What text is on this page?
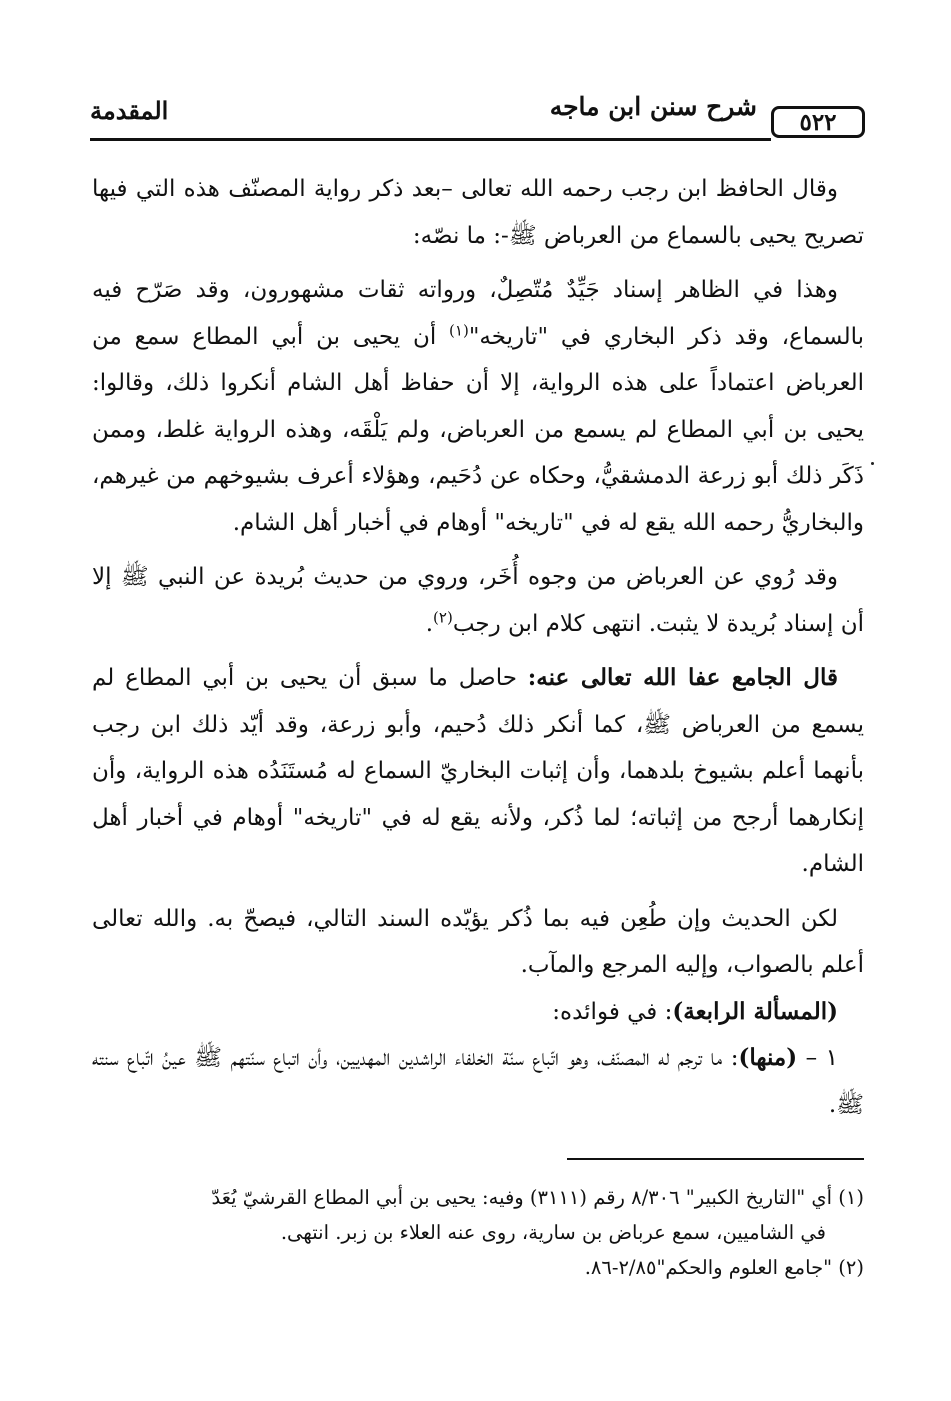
٥٢٢
شرح سنن ابن ماجه
المقدمة

وقال الحافظ ابن رجب رحمه الله تعالى –بعد ذكر رواية المصنّف هذه التي فيها تصريح يحيى بالسماع من العرباض ﷺ-: ما نصّه:

وهذا في الظاهر إسناد جَيِّدٌ مُتّصِلٌ، ورواته ثقات مشهورون، وقد صَرّح فيه بالسماع، وقد ذكر البخاري في "تاريخه"$^{(١)}$ أن يحيى بن أبي المطاع سمع من العرباض اعتماداً على هذه الرواية، إلا أن حفاظ أهل الشام أنكروا ذلك، وقالوا: يحيى بن أبي المطاع لم يسمع من العرباض، ولم يَلْقَه، وهذه الرواية غلط، وممن ذَكَر ذلك أبو زرعة الدمشقيُّ، وحكاه عن دُحَيم، وهؤلاء أعرف بشيوخهم من غيرهم، والبخاريُّ رحمه الله يقع له في "تاريخه" أوهام في أخبار أهل الشام.

وقد رُوي عن العرباض من وجوه أُخَر، وروي من حديث بُريدة عن النبي ﷺ إلا أن إسناد بُريدة لا يثبت. انتهى كلام ابن رجب$^{(٢)}$.

قال الجامع عفا الله تعالى عنه: حاصل ما سبق أن يحيى بن أبي المطاع لم يسمع من العرباض ﷺ، كما أنكر ذلك دُحيم، وأبو زرعة، وقد أيّد ذلك ابن رجب بأنهما أعلم بشيوخ بلدهما، وأن إثبات البخاريّ السماع له مُستَنَدُه هذه الرواية، وأن إنكارهما أرجح من إثباته؛ لما ذُكر، ولأنه يقع له في "تاريخه" أوهام في أخبار أهل الشام.

لكن الحديث وإن طُعِن فيه بما ذُكر يؤيّده السند التالي، فيصحّ به. والله تعالى أعلم بالصواب، وإليه المرجع والمآب.

(المسألة الرابعة): في فوائده:

١ – (منها): ما ترجم له المصنّف، وهو اتّباع سنّة الخلفاء الراشدين المهديين، وأن اتباع سنّتهم ﷺ عينُ اتّباع سنته ﷺ.

(١) أي "التاريخ الكبير" ٨/٣٠٦ رقم (٣١١١) وفيه: يحيى بن أبي المطاع القرشيّ يُعَدّ

في الشاميين، سمع عرباض بن سارية، روى عنه العلاء بن زبر. انتهى.

(٢) "جامع العلوم والحكم"٢/٨٥-٨٦.
